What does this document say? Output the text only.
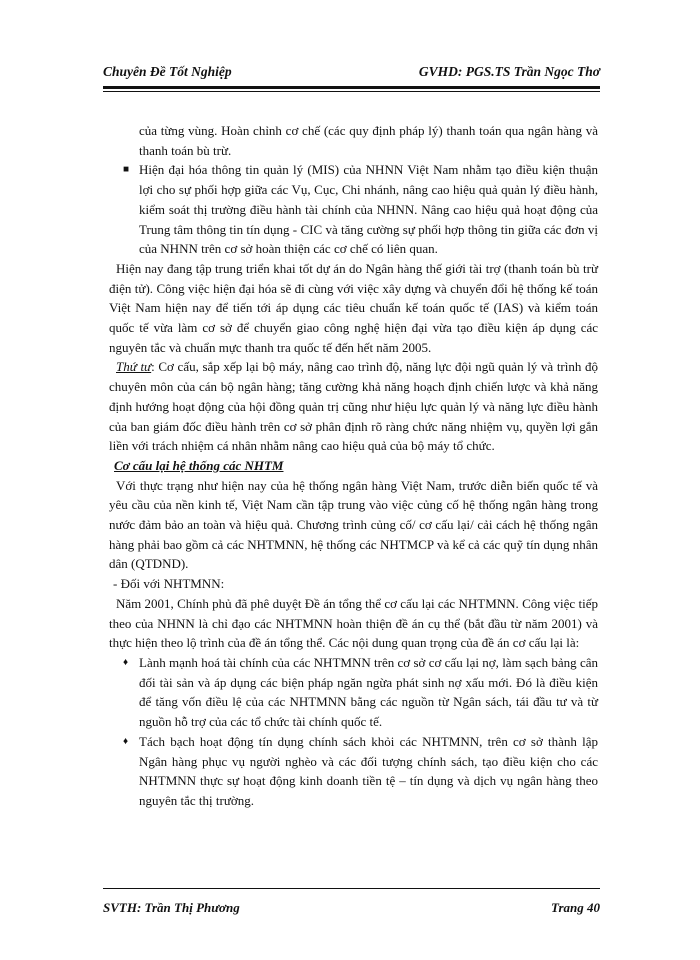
Chuyên Đề Tốt Nghiệp	GVHD: PGS.TS Trần Ngọc Thơ

của từng vùng. Hoàn chỉnh cơ chế (các quy định pháp lý) thanh toán qua ngân hàng và thanh toán bù trừ.

■ Hiện đại hóa thông tin quản lý (MIS) của NHNN Việt Nam nhằm tạo điều kiện thuận lợi cho sự phối hợp giữa các Vụ, Cục, Chi nhánh, nâng cao hiệu quả quản lý điều hành, kiểm soát thị trường điều hành tài chính của NHNN. Nâng cao hiệu quả hoạt động của Trung tâm thông tin tín dụng - CIC và tăng cường sự phối hợp thông tin giữa các đơn vị của NHNN trên cơ sở hoàn thiện các cơ chế có liên quan.

Hiện nay đang tập trung triển khai tốt dự án do Ngân hàng thế giới tài trợ (thanh toán bù trừ điện tử). Công việc hiện đại hóa sẽ đi cùng với việc xây dựng và chuyển đổi hệ thống kế toán Việt Nam hiện nay để tiến tới áp dụng các tiêu chuẩn kế toán quốc tế (IAS) và kiểm toán quốc tế vừa làm cơ sở để chuyển giao công nghệ hiện đại vừa tạo điều kiện áp dụng các nguyên tắc và chuẩn mực thanh tra quốc tế đến hết năm 2005.

Thứ tư: Cơ cấu, sắp xếp lại bộ máy, nâng cao trình độ, năng lực đội ngũ quản lý và trình độ chuyên môn của cán bộ ngân hàng; tăng cường khả năng hoạch định chiến lược và khả năng định hướng hoạt động của hội đồng quản trị cũng như hiệu lực quản lý và năng lực điều hành của ban giám đốc điều hành trên cơ sở phân định rõ ràng chức năng nhiệm vụ, quyền lợi gắn liền với trách nhiệm cá nhân nhằm nâng cao hiệu quả của bộ máy tổ chức.

Cơ cấu lại hệ thống các NHTM

Với thực trạng như hiện nay của hệ thống ngân hàng Việt Nam, trước diễn biến quốc tế và yêu cầu của nền kinh tế, Việt Nam cần tập trung vào việc củng cố hệ thống ngân hàng trong nước đảm bảo an toàn và hiệu quả. Chương trình củng cố/ cơ cấu lại/ cải cách hệ thống ngân hàng phải bao gồm cả các NHTMNN, hệ thống các NHTMCP và kể cả các quỹ tín dụng nhân dân (QTDND).

- Đối với NHTMNN:

Năm 2001, Chính phủ đã phê duyệt Đề án tổng thể cơ cấu lại các NHTMNN. Công việc tiếp theo của NHNN là chỉ đạo các NHTMNN hoàn thiện đề án cụ thể (bắt đầu từ năm 2001) và thực hiện theo lộ trình của đề án tổng thể. Các nội dung quan trọng của đề án cơ cấu lại là:

♦ Lành mạnh hoá tài chính của các NHTMNN trên cơ sở cơ cấu lại nợ, làm sạch bảng cân đối tài sản và áp dụng các biện pháp ngăn ngừa phát sinh nợ xấu mới. Đó là điều kiện để tăng vốn điều lệ của các NHTMNN bằng các nguồn từ Ngân sách, tái đầu tư và từ nguồn hỗ trợ của các tổ chức tài chính quốc tế.

♦ Tách bạch hoạt động tín dụng chính sách khỏi các NHTMNN, trên cơ sở thành lập Ngân hàng phục vụ người nghèo và các đối tượng chính sách, tạo điều kiện cho các NHTMNN thực sự hoạt động kinh doanh tiền tệ – tín dụng và dịch vụ ngân hàng theo nguyên tắc thị trường.

SVTH: Trần Thị Phương	Trang 40
